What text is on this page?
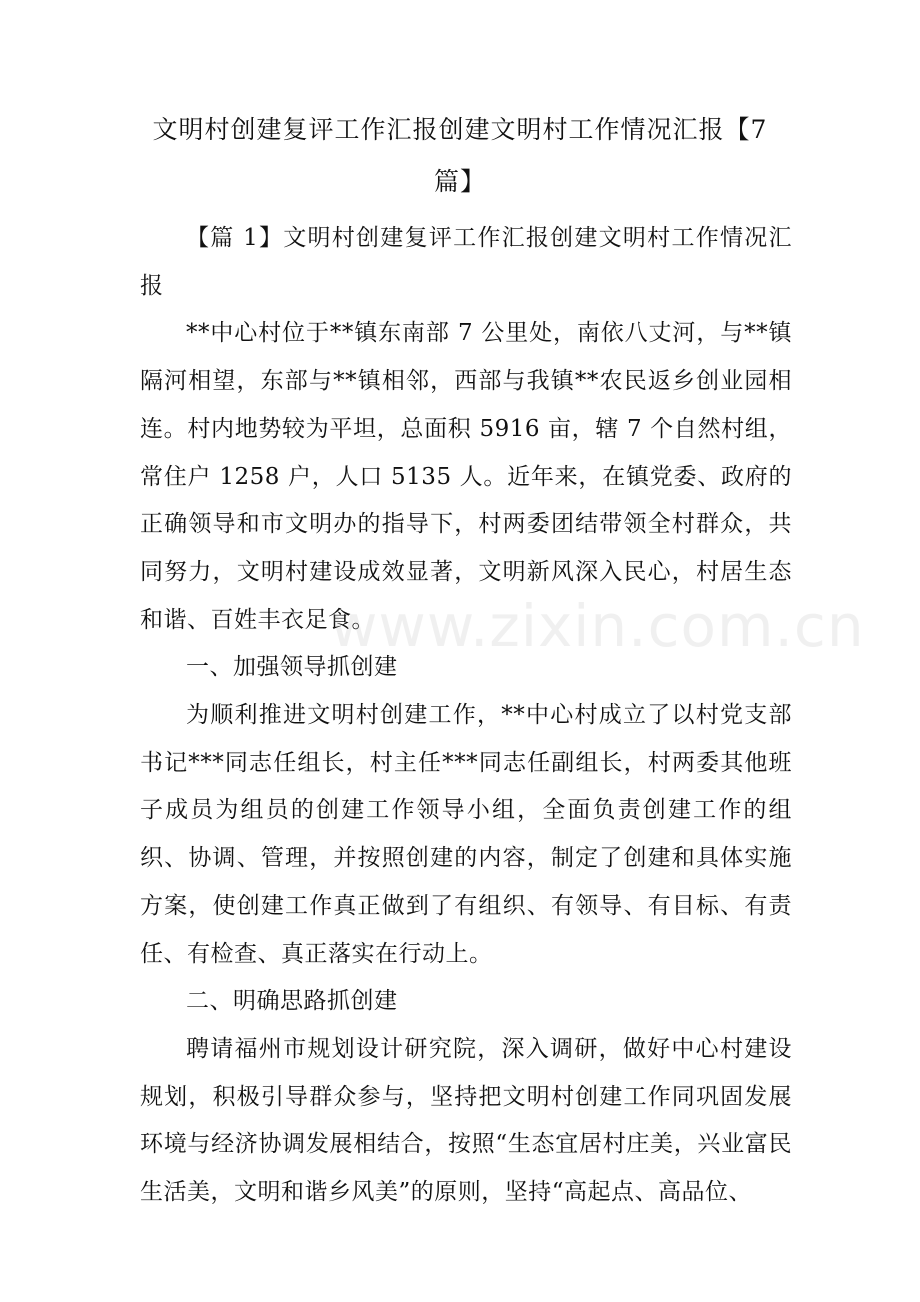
文明村创建复评工作汇报创建文明村工作情况汇报【7篇】

【篇 1】文明村创建复评工作汇报创建文明村工作情况汇报

**中心村位于**镇东南部 7 公里处，南依八丈河，与**镇隔河相望，东部与**镇相邻，西部与我镇**农民返乡创业园相连。村内地势较为平坦，总面积 5916 亩，辖 7 个自然村组，常住户 1258 户，人口 5135 人。近年来，在镇党委、政府的正确领导和市文明办的指导下，村两委团结带领全村群众，共同努力，文明村建设成效显著，文明新风深入民心，村居生态和谐、百姓丰衣足食。

一、加强领导抓创建

为顺利推进文明村创建工作，**中心村成立了以村党支部书记***同志任组长，村主任***同志任副组长，村两委其他班子成员为组员的创建工作领导小组，全面负责创建工作的组织、协调、管理，并按照创建的内容，制定了创建和具体实施方案，使创建工作真正做到了有组织、有领导、有目标、有责任、有检查、真正落实在行动上。

二、明确思路抓创建

聘请福州市规划设计研究院，深入调研，做好中心村建设规划，积极引导群众参与，坚持把文明村创建工作同巩固发展环境与经济协调发展相结合，按照“生态宜居村庄美，兴业富民生活美，文明和谐乡风美”的原则，坚持“高起点、高品位、

www.zixin.com.cn
